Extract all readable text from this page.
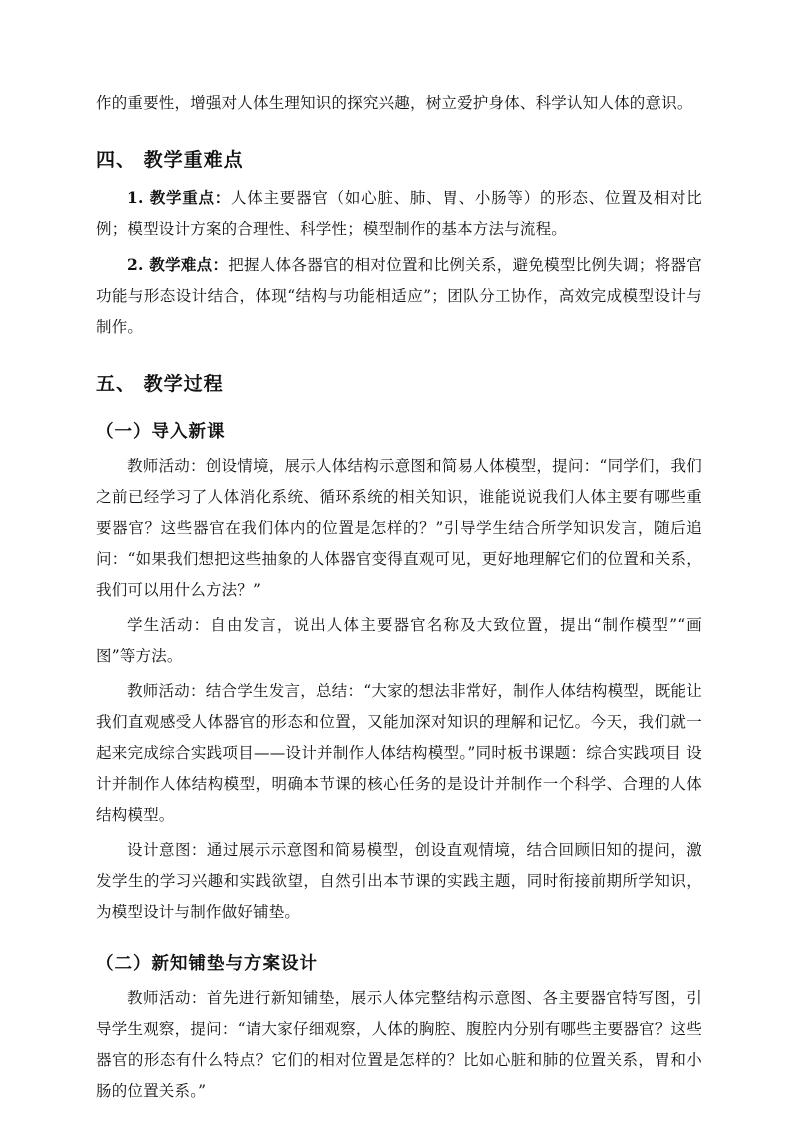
作的重要性，增强对人体生理知识的探究兴趣，树立爱护身体、科学认知人体的意识。

四、 教学重难点

1. 教学重点：人体主要器官（如心脏、肺、胃、小肠等）的形态、位置及相对比例；模型设计方案的合理性、科学性；模型制作的基本方法与流程。

2. 教学难点：把握人体各器官的相对位置和比例关系，避免模型比例失调；将器官功能与形态设计结合，体现“结构与功能相适应”；团队分工协作，高效完成模型设计与制作。

五、 教学过程
（一）导入新课

教师活动：创设情境，展示人体结构示意图和简易人体模型，提问：“同学们，我们之前已经学习了人体消化系统、循环系统的相关知识，谁能说说我们人体主要有哪些重要器官？这些器官在我们体内的位置是怎样的？”引导学生结合所学知识发言，随后追问：“如果我们想把这些抽象的人体器官变得直观可见，更好地理解它们的位置和关系，我们可以用什么方法？”

学生活动：自由发言，说出人体主要器官名称及大致位置，提出“制作模型”“画图”等方法。

教师活动：结合学生发言，总结：“大家的想法非常好，制作人体结构模型，既能让我们直观感受人体器官的形态和位置，又能加深对知识的理解和记忆。今天，我们就一起来完成综合实践项目——设计并制作人体结构模型。”同时板书课题：综合实践项目 设计并制作人体结构模型，明确本节课的核心任务的是设计并制作一个科学、合理的人体结构模型。

设计意图：通过展示示意图和简易模型，创设直观情境，结合回顾旧知的提问，激发学生的学习兴趣和实践欲望，自然引出本节课的实践主题，同时衔接前期所学知识，为模型设计与制作做好铺垫。

（二）新知铺垫与方案设计

教师活动：首先进行新知铺垫，展示人体完整结构示意图、各主要器官特写图，引导学生观察，提问：“请大家仔细观察，人体的胸腔、腹腔内分别有哪些主要器官？这些器官的形态有什么特点？它们的相对位置是怎样的？比如心脏和肺的位置关系，胃和小肠的位置关系。”
